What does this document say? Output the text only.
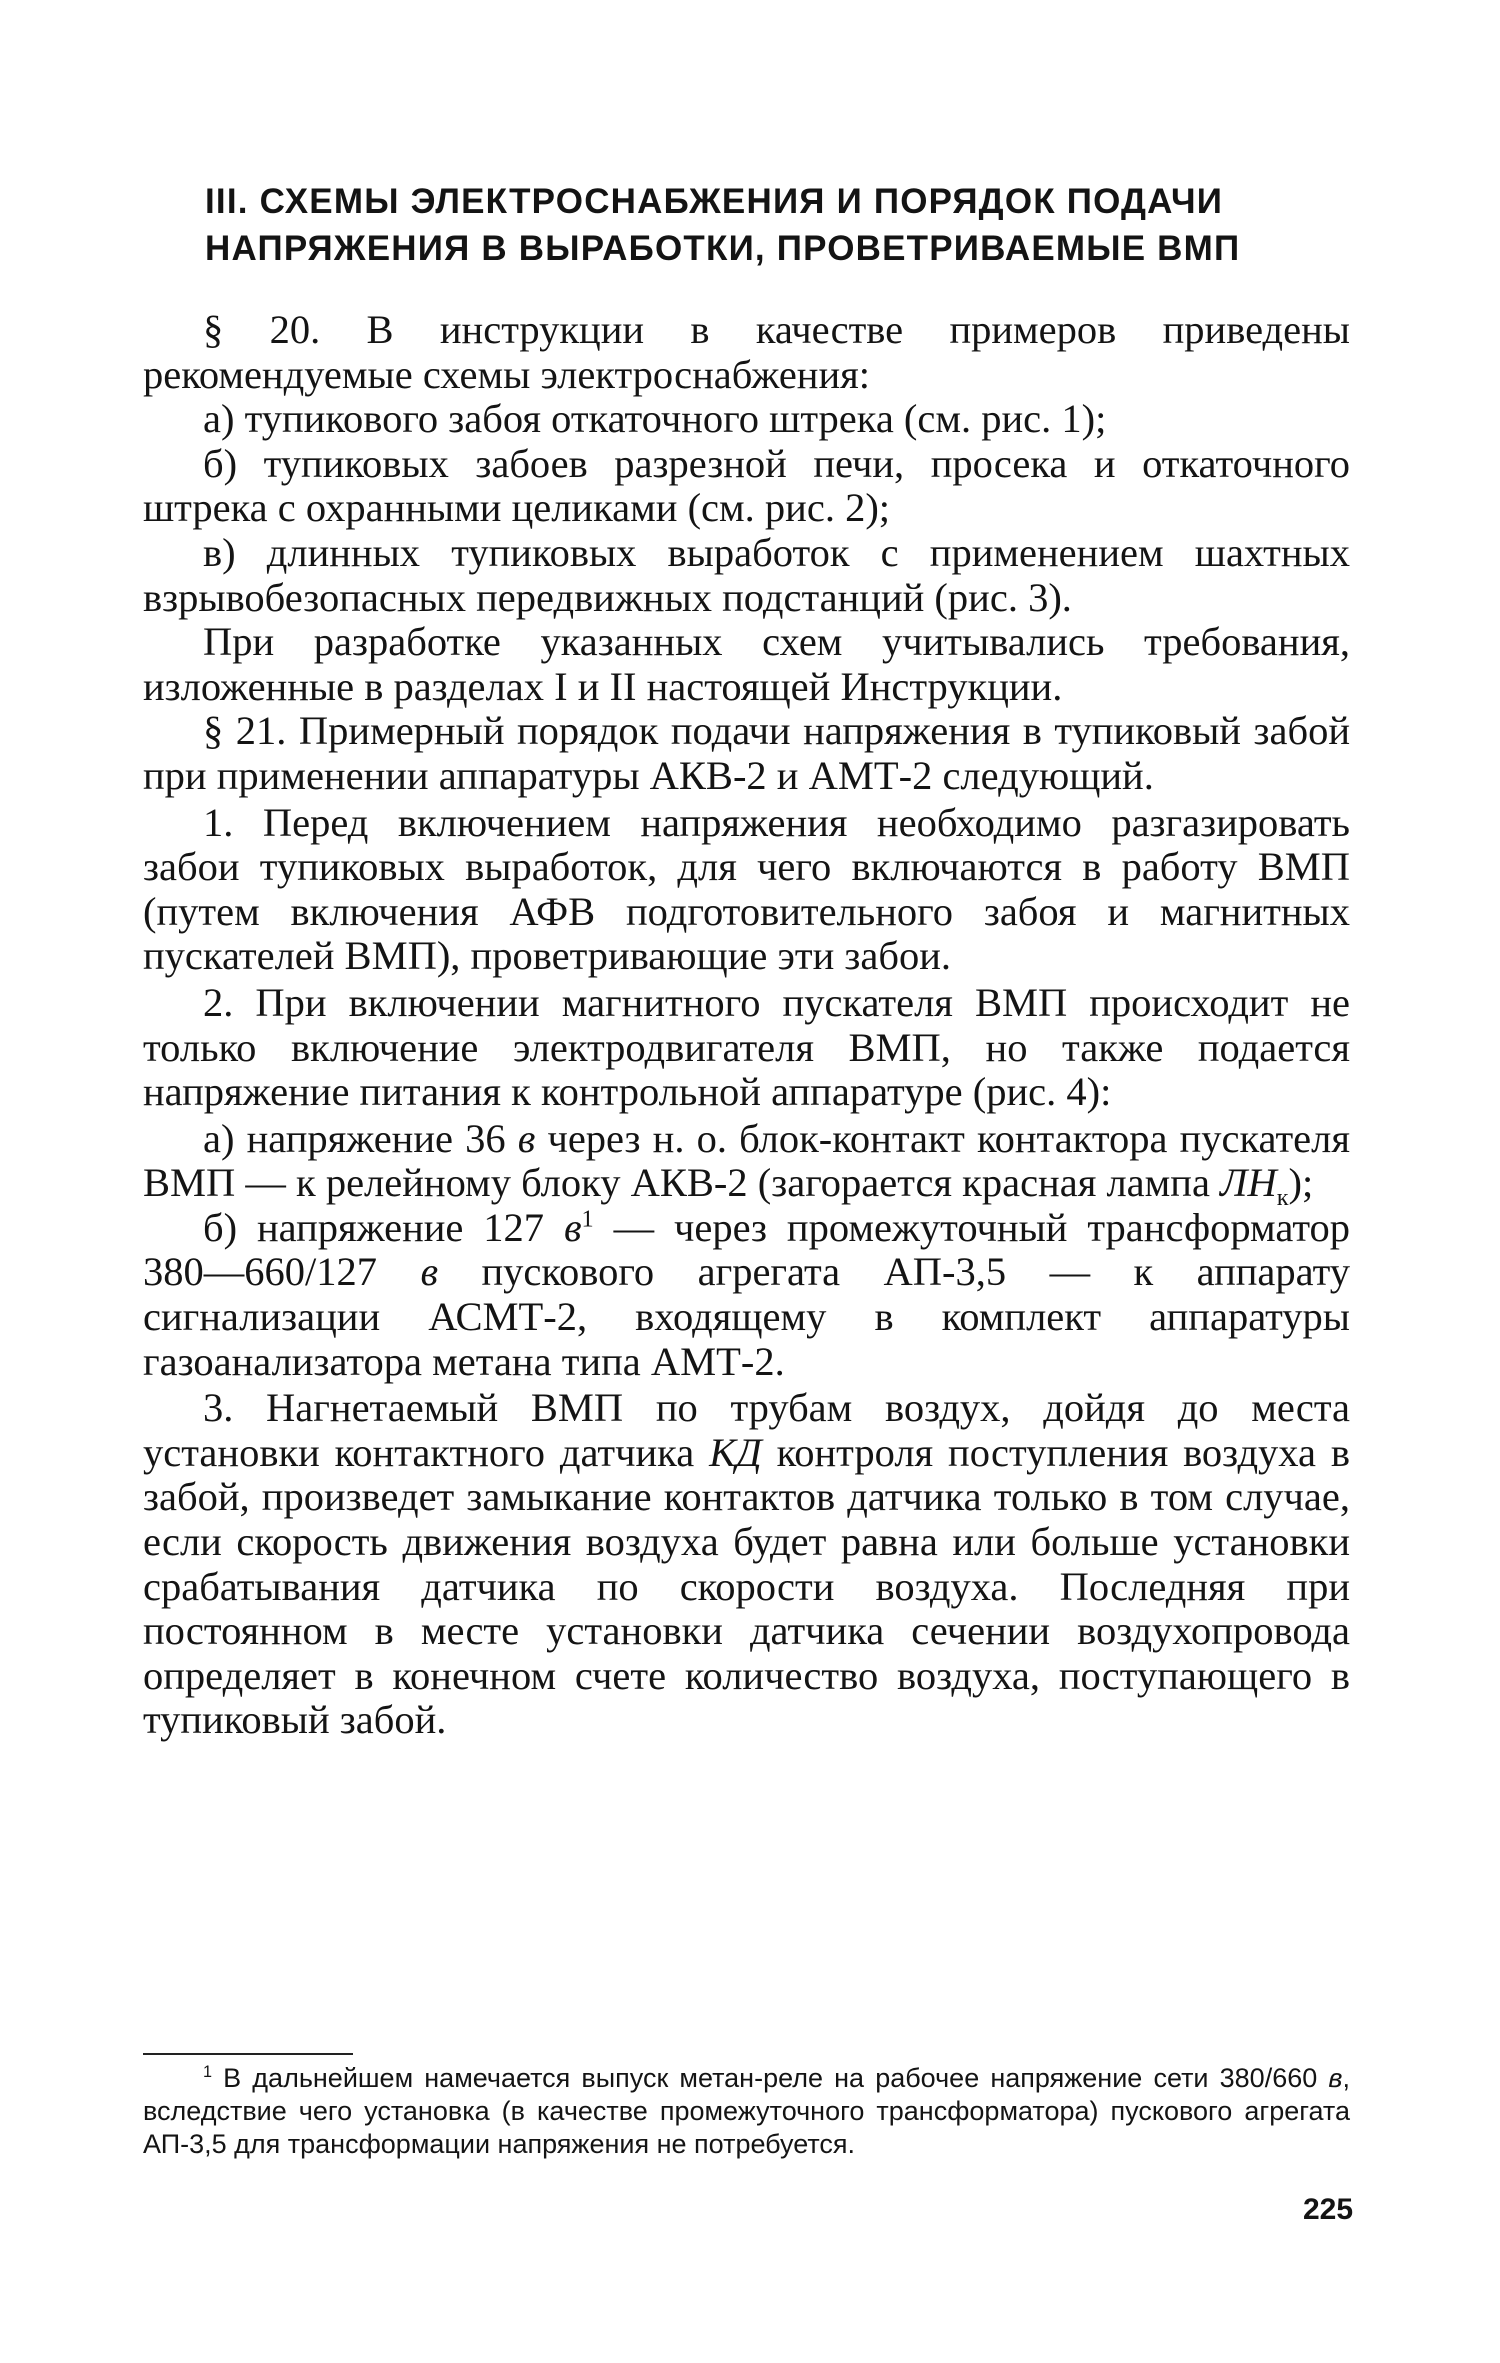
III. СХЕМЫ ЭЛЕКТРОСНАБЖЕНИЯ И ПОРЯДОК ПОДАЧИ
НАПРЯЖЕНИЯ В ВЫРАБОТКИ, ПРОВЕТРИВАЕМЫЕ ВМП

§ 20. В инструкции в качестве примеров приведены рекомендуемые схемы электроснабжения:

а) тупикового забоя откаточного штрека (см. рис. 1);

б) тупиковых забоев разрезной печи, просека и откаточного штрека с охранными целиками (см. рис. 2);

в) длинных тупиковых выработок с применением шахтных взрывобезопасных передвижных подстанций (рис. 3).

При разработке указанных схем учитывались требования, изложенные в разделах I и II настоящей Инструкции.

§ 21. Примерный порядок подачи напряжения в тупиковый забой при применении аппаратуры АКВ-2 и АМТ-2 следующий.

1. Перед включением напряжения необходимо разгазировать забои тупиковых выработок, для чего включаются в работу ВМП (путем включения АФВ подготовительного забоя и магнитных пускателей ВМП), проветривающие эти забои.

2. При включении магнитного пускателя ВМП происходит не только включение электродвигателя ВМП, но также подается напряжение питания к контрольной аппаратуре (рис. 4):

а) напряжение 36 в через н. о. блок-контакт контактора пускателя ВМП — к релейному блоку АКВ-2 (загорается красная лампа $ЛН_к$);

б) напряжение 127 $в^1$ — через промежуточный трансформатор 380—660/127 в пускового агрегата АП-3,5 — к аппарату сигнализации АСМТ-2, входящему в комплект аппаратуры газоанализатора метана типа АМТ-2.

3. Нагнетаемый ВМП по трубам воздух, дойдя до места установки контактного датчика КД контроля поступления воздуха в забой, произведет замыкание контактов датчика только в том случае, если скорость движения воздуха будет равна или больше установки срабатывания датчика по скорости воздуха. Последняя при постоянном в месте установки датчика сечении воздухопровода определяет в конечном счете количество воздуха, поступающего в тупиковый забой.

$^1$ В дальнейшем намечается выпуск метан-реле на рабочее напряжение сети 380/660 в, вследствие чего установка (в качестве промежуточного трансформатора) пускового агрегата АП-3,5 для трансформации напряжения не потребуется.

225
